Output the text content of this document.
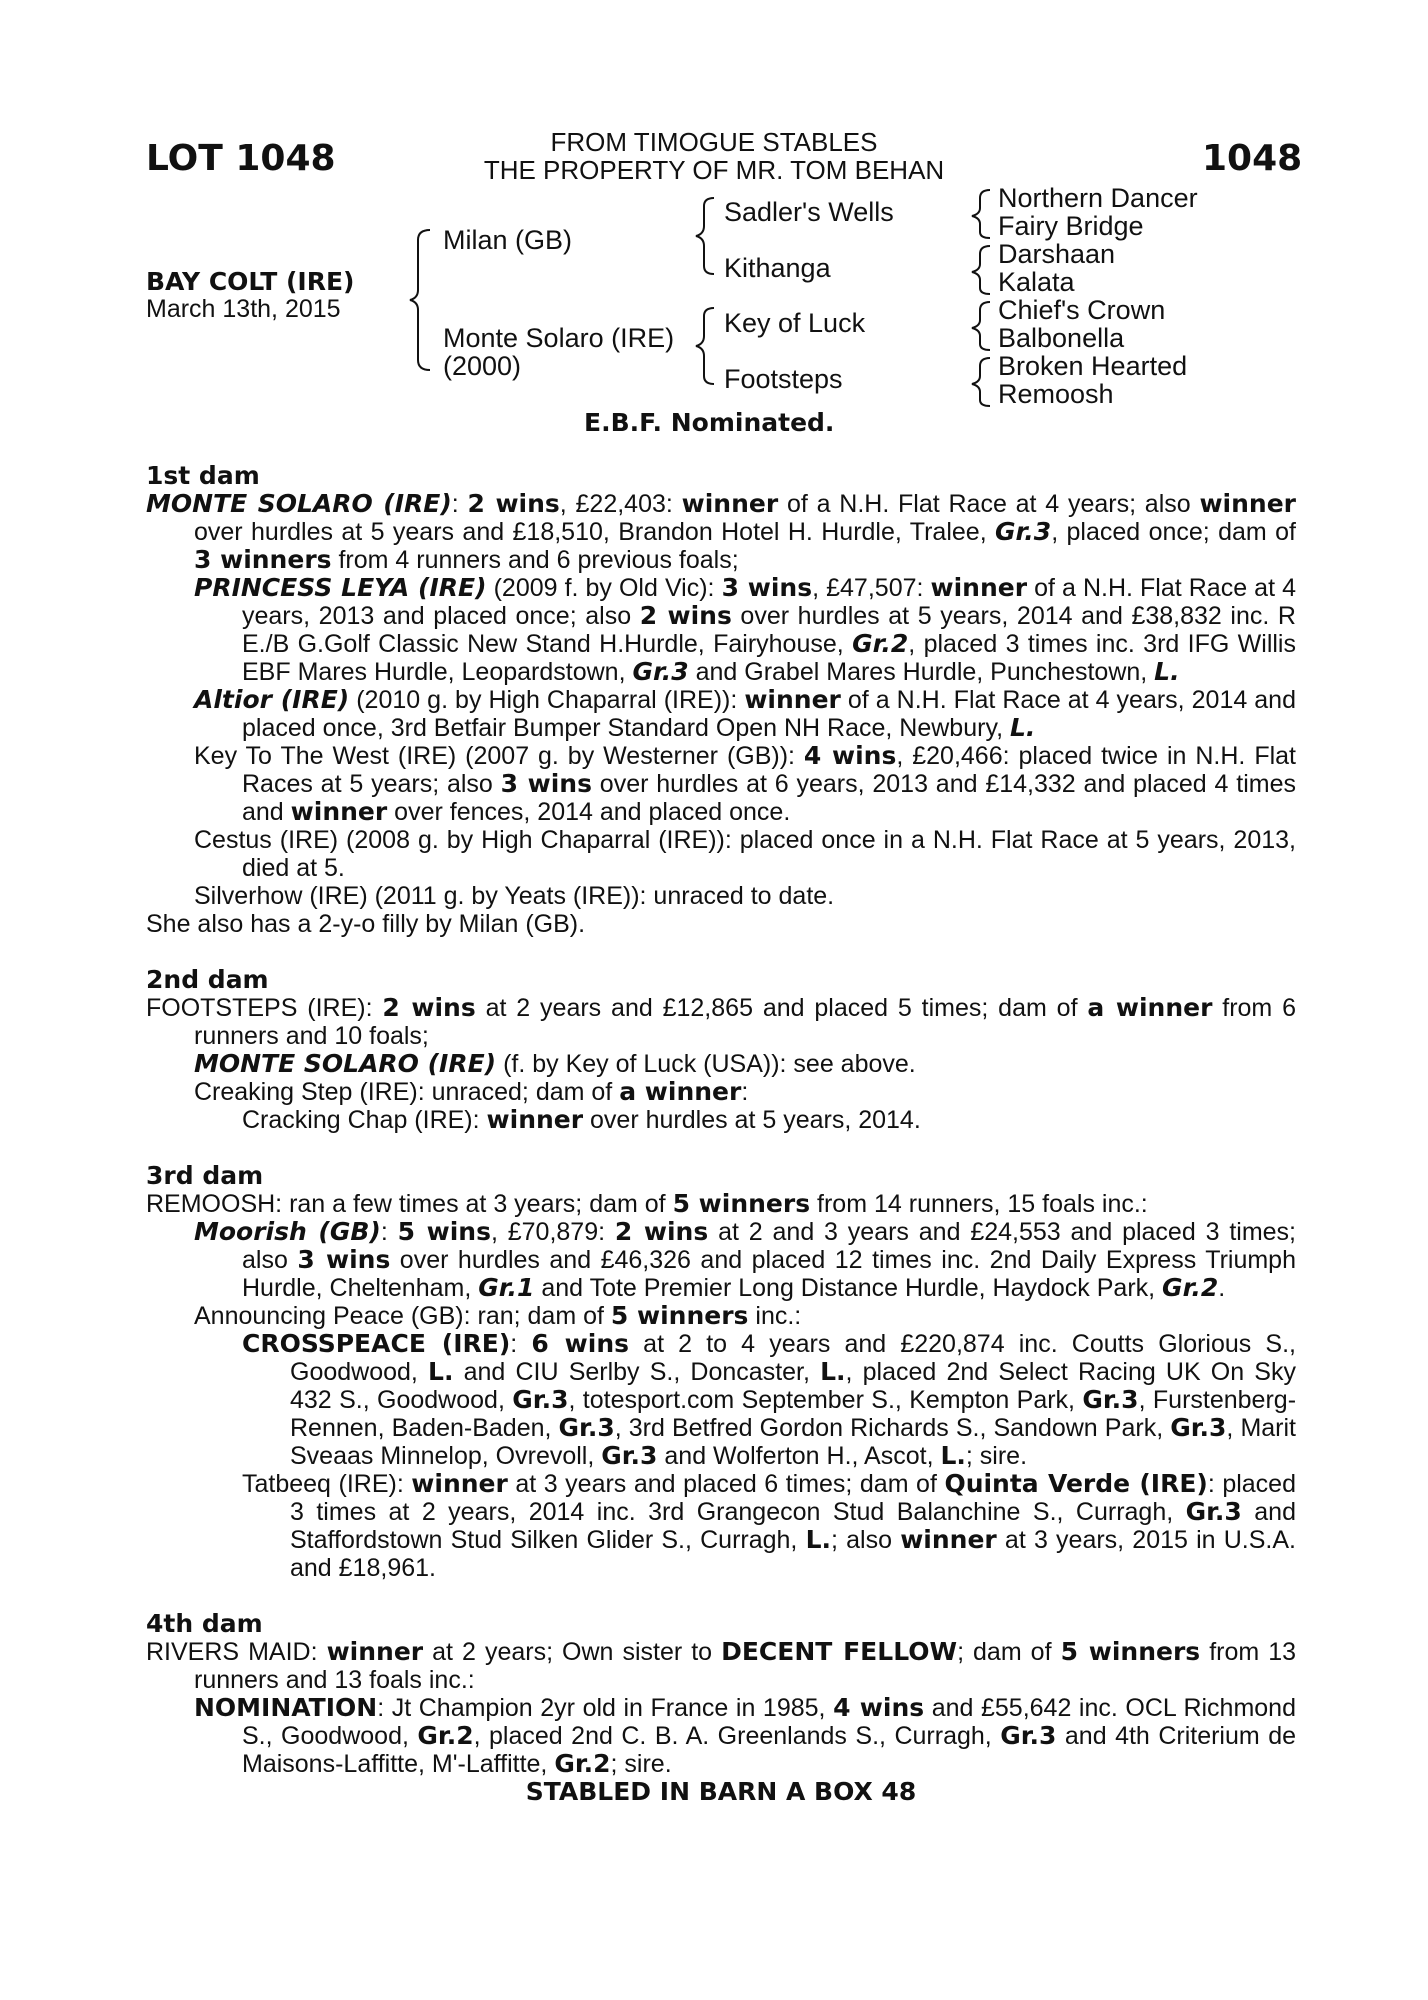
LOT 1048	1048
FROM TIMOGUE STABLES
THE PROPERTY OF MR. TOM BEHAN
BAY COLT (IRE)
March 13th, 2015
Milan (GB)
Monte Solaro (IRE)
(2000)
Sadler's Wells
Kithanga
Key of Luck
Footsteps
Northern Dancer
Fairy Bridge
Darshaan
Kalata
Chief's Crown
Balbonella
Broken Hearted
Remoosh
E.B.F. Nominated.

1st dam

MONTE SOLARO (IRE): 2 wins, £22,403: winner of a N.H. Flat Race at 4 years; also winner over hurdles at 5 years and £18,510, Brandon Hotel H. Hurdle, Tralee, Gr.3, placed once; dam of 3 winners from 4 runners and 6 previous foals;

PRINCESS LEYA (IRE) (2009 f. by Old Vic): 3 wins, £47,507: winner of a N.H. Flat Race at 4 years, 2013 and placed once; also 2 wins over hurdles at 5 years, 2014 and £38,832 inc. R E./B G.Golf Classic New Stand H.Hurdle, Fairyhouse, Gr.2, placed 3 times inc. 3rd IFG Willis EBF Mares Hurdle, Leopardstown, Gr.3 and Grabel Mares Hurdle, Punchestown, L.

Altior (IRE) (2010 g. by High Chaparral (IRE)): winner of a N.H. Flat Race at 4 years, 2014 and placed once, 3rd Betfair Bumper Standard Open NH Race, Newbury, L.

Key To The West (IRE) (2007 g. by Westerner (GB)): 4 wins, £20,466: placed twice in N.H. Flat Races at 5 years; also 3 wins over hurdles at 6 years, 2013 and £14,332 and placed 4 times and winner over fences, 2014 and placed once.

Cestus (IRE) (2008 g. by High Chaparral (IRE)): placed once in a N.H. Flat Race at 5 years, 2013, died at 5.

Silverhow (IRE) (2011 g. by Yeats (IRE)): unraced to date.

She also has a 2-y-o filly by Milan (GB).

2nd dam

FOOTSTEPS (IRE): 2 wins at 2 years and £12,865 and placed 5 times; dam of a winner from 6 runners and 10 foals;

MONTE SOLARO (IRE) (f. by Key of Luck (USA)): see above.

Creaking Step (IRE): unraced; dam of a winner:

Cracking Chap (IRE): winner over hurdles at 5 years, 2014.

3rd dam

REMOOSH: ran a few times at 3 years; dam of 5 winners from 14 runners, 15 foals inc.:

Moorish (GB): 5 wins, £70,879: 2 wins at 2 and 3 years and £24,553 and placed 3 times; also 3 wins over hurdles and £46,326 and placed 12 times inc. 2nd Daily Express Triumph Hurdle, Cheltenham, Gr.1 and Tote Premier Long Distance Hurdle, Haydock Park, Gr.2.

Announcing Peace (GB): ran; dam of 5 winners inc.:

CROSSPEACE (IRE): 6 wins at 2 to 4 years and £220,874 inc. Coutts Glorious S., Goodwood, L. and CIU Serlby S., Doncaster, L., placed 2nd Select Racing UK On Sky 432 S., Goodwood, Gr.3, totesport.com September S., Kempton Park, Gr.3, Furstenberg-Rennen, Baden-Baden, Gr.3, 3rd Betfred Gordon Richards S., Sandown Park, Gr.3, Marit Sveaas Minnelop, Ovrevoll, Gr.3 and Wolferton H., Ascot, L.; sire.

Tatbeeq (IRE): winner at 3 years and placed 6 times; dam of Quinta Verde (IRE): placed 3 times at 2 years, 2014 inc. 3rd Grangecon Stud Balanchine S., Curragh, Gr.3 and Staffordstown Stud Silken Glider S., Curragh, L.; also winner at 3 years, 2015 in U.S.A. and £18,961.

4th dam

RIVERS MAID: winner at 2 years; Own sister to DECENT FELLOW; dam of 5 winners from 13 runners and 13 foals inc.:

NOMINATION: Jt Champion 2yr old in France in 1985, 4 wins and £55,642 inc. OCL Richmond S., Goodwood, Gr.2, placed 2nd C. B. A. Greenlands S., Curragh, Gr.3 and 4th Criterium de Maisons-Laffitte, M'-Laffitte, Gr.2; sire.

STABLED IN BARN A BOX 48
